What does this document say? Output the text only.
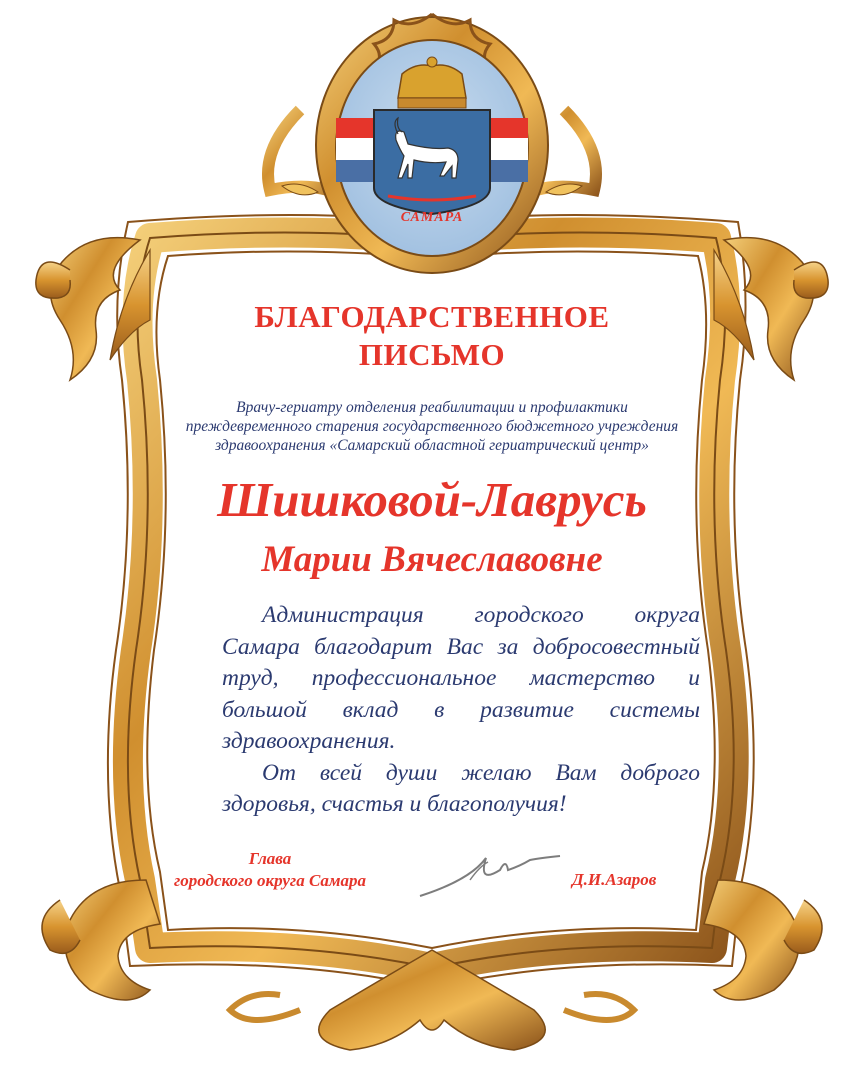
САМАРА
БЛАГОДАРСТВЕННОЕ
ПИСЬМО
Врачу-гериатру отделения реабилитации и профилактики
преждевременного старения государственного бюджетного учреждения
здравоохранения «Самарский областной гериатрический центр»
Шишковой-Лаврусь
Марии Вячеславовне
Администрация городского округа
Самара благодарит Вас за добросовестный
труд, профессиональное мастерство и
большой вклад в развитие системы
здравоохранения.
От всей души желаю Вам доброго
здоровья, счастья и благополучия!
Глава
городского округа Самара	Д.И.Азаров
